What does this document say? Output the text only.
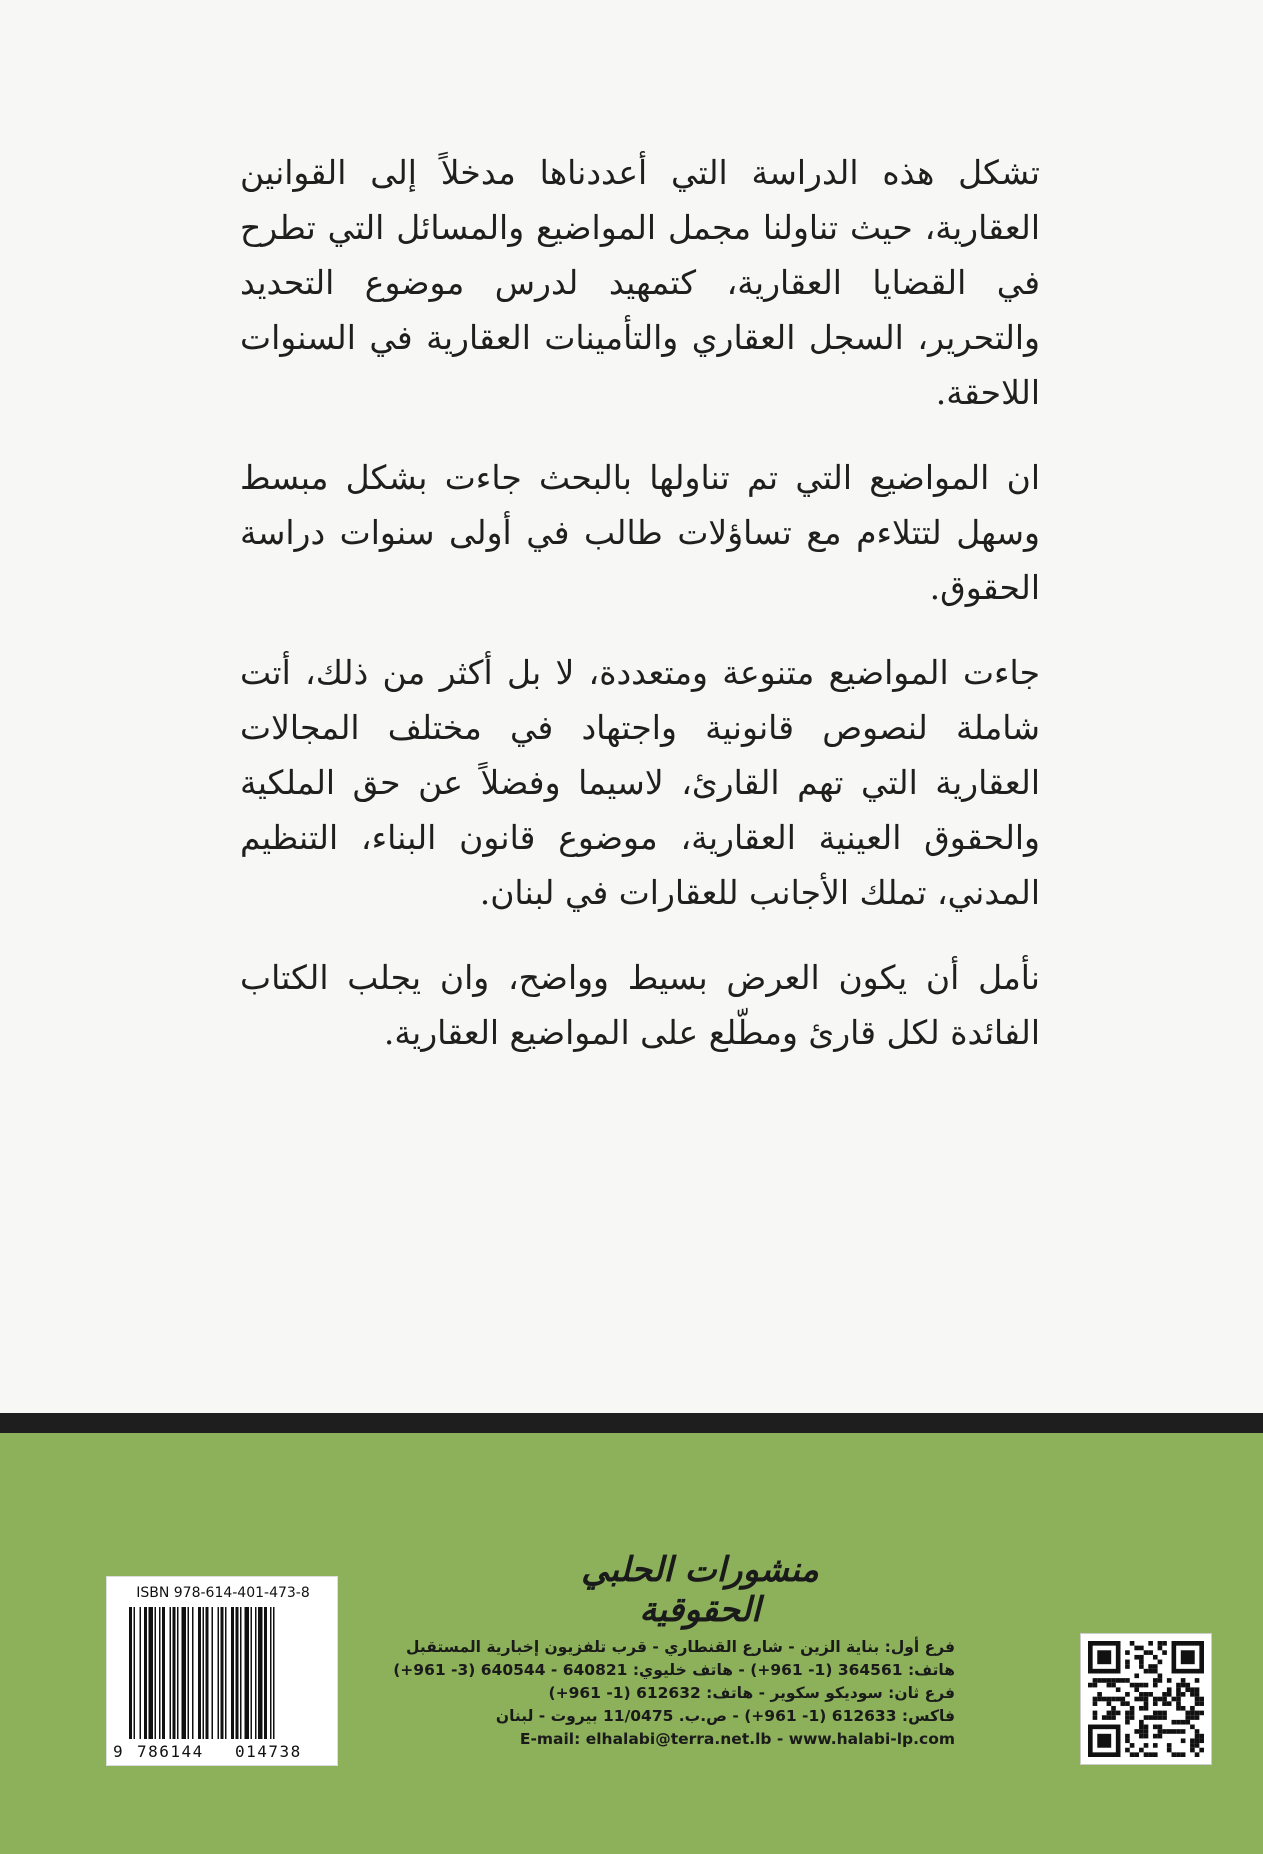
تشكل هذه الدراسة التي أعددناها مدخلاً إلى القوانين العقارية، حيث تناولنا مجمل المواضيع والمسائل التي تطرح في القضايا العقارية، كتمهيد لدرس موضوع التحديد والتحرير، السجل العقاري والتأمينات العقارية في السنوات اللاحقة.

ان المواضيع التي تم تناولها بالبحث جاءت بشكل مبسط وسهل لتتلاءم مع تساؤلات طالب في أولى سنوات دراسة الحقوق.

جاءت المواضيع متنوعة ومتعددة، لا بل أكثر من ذلك، أتت شاملة لنصوص قانونية واجتهاد في مختلف المجالات العقارية التي تهم القارئ، لاسيما وفضلاً عن حق الملكية والحقوق العينية العقارية، موضوع قانون البناء، التنظيم المدني، تملك الأجانب للعقارات في لبنان.

نأمل أن يكون العرض بسيط وواضح، وان يجلب الكتاب الفائدة لكل قارئ ومطّلع على المواضيع العقارية.

منشورات الحلبي الحقوقية
فرع أول: بناية الزين - شارع القنطاري - قرب تلفزيون إخبارية المستقبل
هاتف: 364561 (1- 961+) - هاتف خليوي: 640821 - 640544 (3- 961+)
فرع ثان: سوديكو سكوير - هاتف: 612632 (1- 961+)
فاكس: 612633 (1- 961+) - ص.ب. 11/0475 بيروت - لبنان
E-mail: elhalabi@terra.net.lb - www.halabi-lp.com
ISBN 978-614-401-473-8
9 786144 014738
